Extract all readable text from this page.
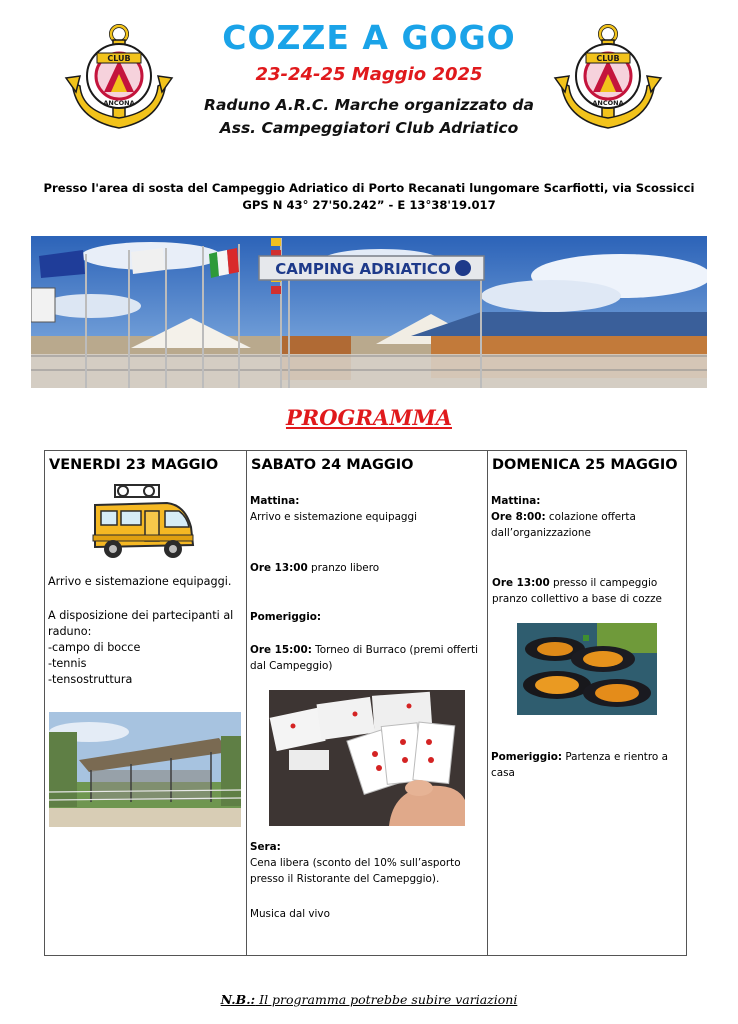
CLUB
ANCONA
CLUB
ANCONA
COZZE A GOGO
23-24-25 Maggio 2025
Raduno A.R.C. Marche organizzato da
Ass. Campeggiatori Club Adriatico
Presso l'area di sosta del Campeggio Adriatico di Porto Recanati lungomare Scarfiotti, via Scossicci
GPS N 43° 27'50.242” - E 13°38'19.017
CAMPING ADRIATICO
PROGRAMMA
VENERDI 23 MAGGIO
Arrivo e sistemazione equipaggi.
A disposizione dei partecipanti al
raduno:
-campo di bocce
-tennis
-tensostruttura
SABATO 24 MAGGIO
Mattina:
Arrivo e sistemazione equipaggi
Ore 13:00 pranzo libero
Pomeriggio:
Ore 15:00: Torneo di Burraco (premi offerti
dal Campeggio)
Sera:
Cena libera (sconto del 10% sull’asporto
presso il Ristorante del Camepggio).
Musica dal vivo
DOMENICA 25 MAGGIO
Mattina:
Ore 8:00: colazione offerta
dall’organizzazione
Ore 13:00 presso il campeggio
pranzo collettivo a base di cozze
Pomeriggio: Partenza e rientro a
casa
N.B.: Il programma potrebbe subire variazioni
